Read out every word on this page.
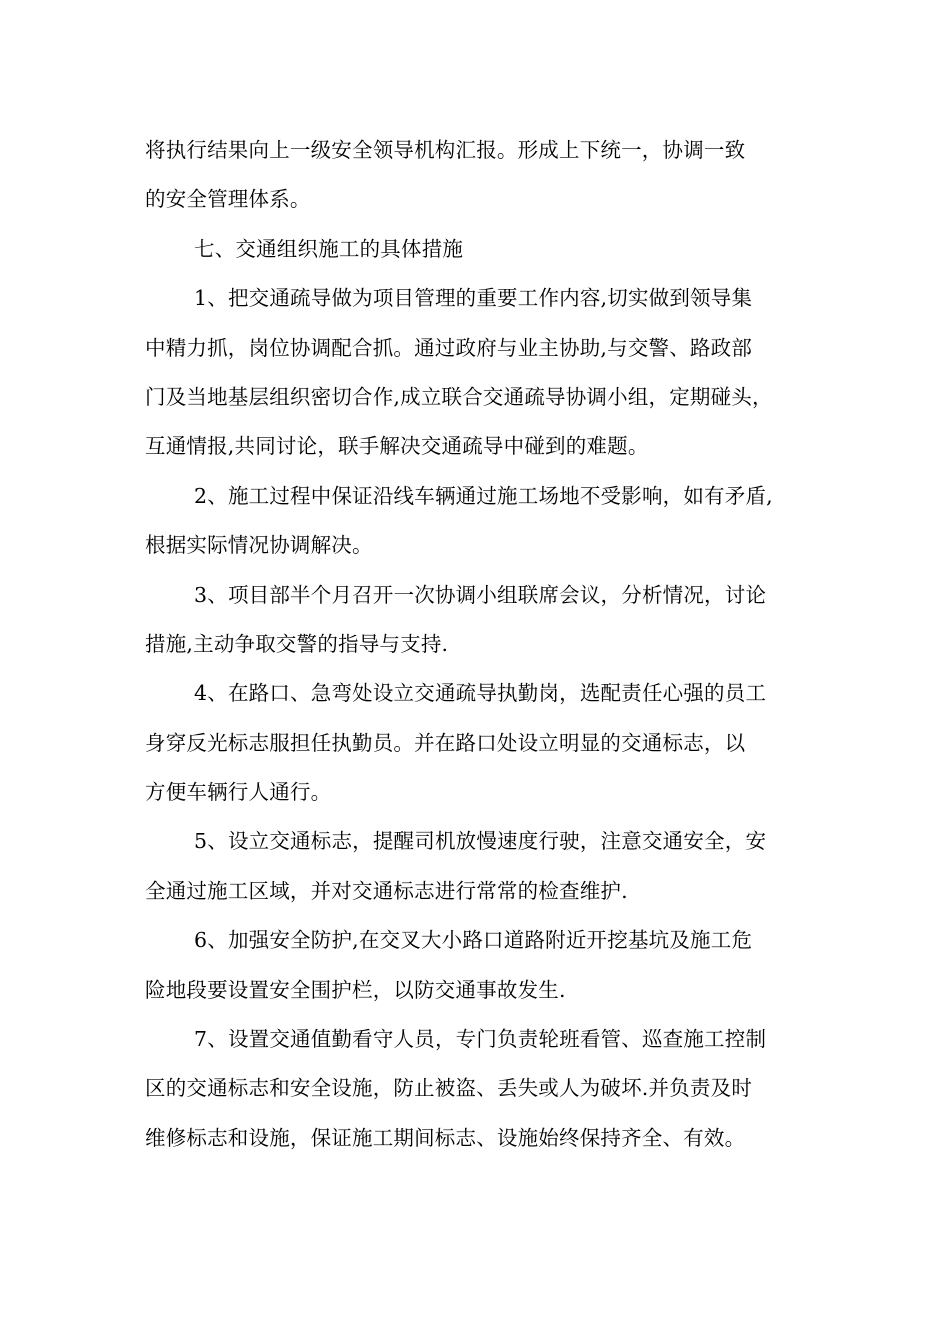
将执行结果向上一级安全领导机构汇报。形成上下统一，协调一致
的安全管理体系。
七、交通组织施工的具体措施
1、把交通疏导做为项目管理的重要工作内容,切实做到领导集
中精力抓，岗位协调配合抓。通过政府与业主协助,与交警、路政部
门及当地基层组织密切合作,成立联合交通疏导协调小组，定期碰头，
互通情报,共同讨论，联手解决交通疏导中碰到的难题。
2、施工过程中保证沿线车辆通过施工场地不受影响，如有矛盾,
根据实际情况协调解决。
3、项目部半个月召开一次协调小组联席会议，分析情况，讨论
措施,主动争取交警的指导与支持.
4、在路口、急弯处设立交通疏导执勤岗，选配责任心强的员工
身穿反光标志服担任执勤员。并在路口处设立明显的交通标志，以
方便车辆行人通行。
5、设立交通标志，提醒司机放慢速度行驶，注意交通安全，安
全通过施工区域，并对交通标志进行常常的检查维护.
6、加强安全防护,在交叉大小路口道路附近开挖基坑及施工危
险地段要设置安全围护栏，以防交通事故发生.
7、设置交通值勤看守人员，专门负责轮班看管、巡查施工控制
区的交通标志和安全设施，防止被盗、丢失或人为破坏.并负责及时
维修标志和设施，保证施工期间标志、设施始终保持齐全、有效。
